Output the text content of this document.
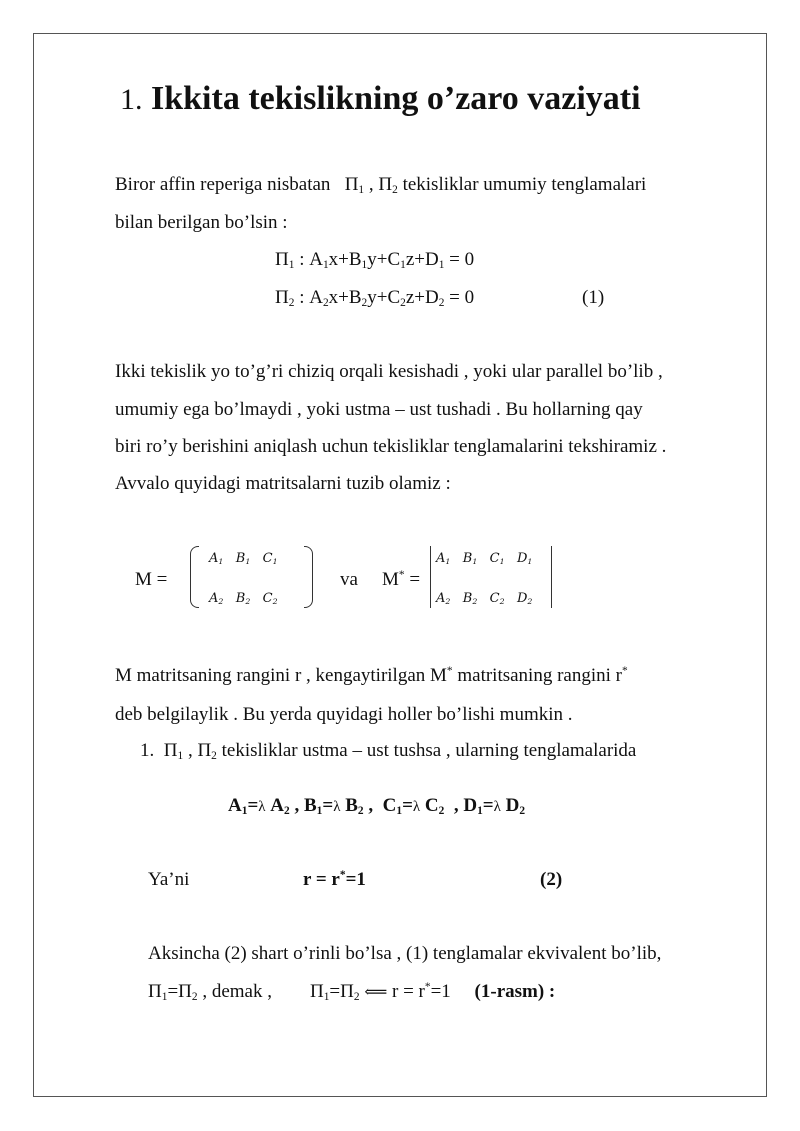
1. Ikkita tekislikning o’zaro vaziyati
Biror affin reperiga nisbatan   $\Pi_1$ , $\Pi_2$ tekisliklar umumiy tenglamalari
bilan berilgan bo’lsin :
$\Pi_1$ : $A_1x+B_1y+C_1z+D_1 = 0$
$\Pi_2$ : $A_2x+B_2y+C_2z+D_2 = 0$	(1)
Ikki tekislik yo to’g’ri chiziq orqali kesishadi , yoki ular parallel bo’lib ,
umumiy ega bo’lmaydi , yoki ustma – ust tushadi . Bu hollarning qay
biri ro’y berishini aniqlash uchun tekisliklar tenglamalarini tekshiramiz .
Avvalo quyidagi matritsalarni tuzib olamiz :
M =
$A_1$   $B_1$   $C_1$
$A_2$   $B_2$   $C_2$
va M* =
$A_1$   $B_1$   $C_1$   $D_1$
$A_2$   $B_2$   $C_2$   $D_2$
M matritsaning rangini r , kengaytirilgan M* matritsaning rangini r*
deb belgilaylik . Bu yerda quyidagi holler bo’lishi mumkin .
1.  $\Pi_1$ , $\Pi_2$ tekisliklar ustma – ust tushsa , ularning tenglamalarida
$A_1=\lambda$ $A_2$ , $B_1=\lambda$ $B_2$ ,  $C_1=\lambda$ $C_2$  , $D_1=\lambda$ $D_2$
Ya’ni	r = r*=1	(2)
Aksincha (2) shart o’rinli bo’lsa , (1) tenglamalar ekvivalent bo’lib,
$\Pi_1=\Pi_2$ , demak ,        $\Pi_1=\Pi_2$ ⟸ r = r*=1 (1-rasm) :
